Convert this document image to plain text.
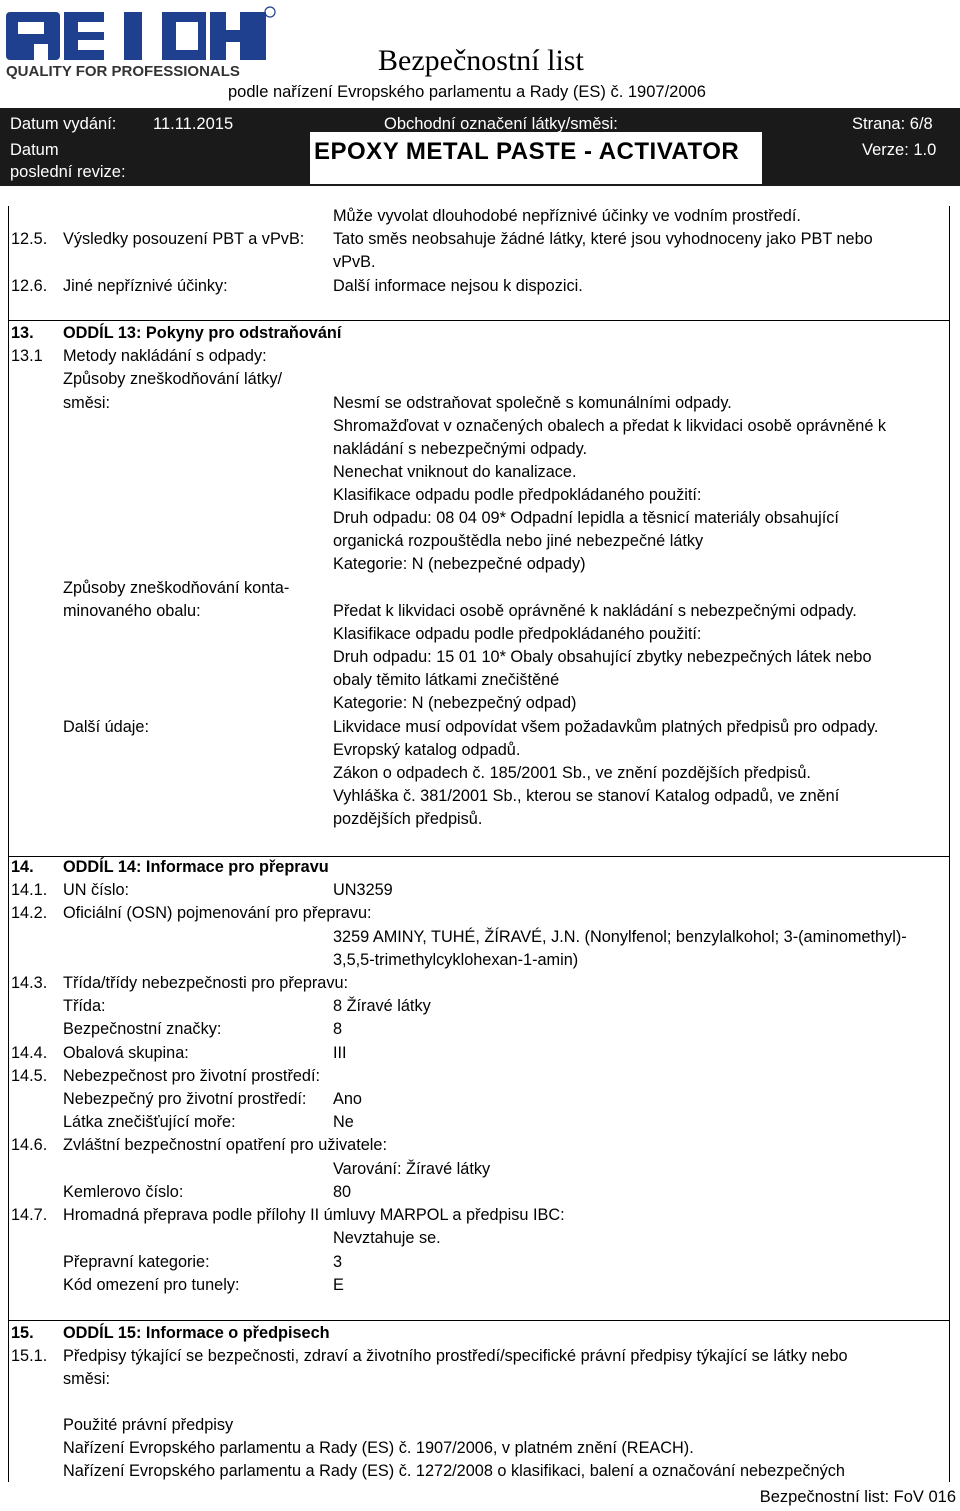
QUALITY FOR PROFESSIONALS	Bezpečnostní list
podle nařízení Evropského parlamentu a Rady (ES) č. 1907/2006
Datum vydání: 11.11.2015	Obchodní označení látky/směsi:	Strana: 6/8
Datum
poslední revize:
EPOXY METAL PASTE - ACTIVATOR	Verze: 1.0
Může vyvolat dlouhodobé nepříznivé účinky ve vodním prostředí.
12.5. Výsledky posouzení PBT a vPvB: Tato směs neobsahuje žádné látky, které jsou vyhodnoceny jako PBT nebo
vPvB.
12.6. Jiné nepříznivé účinky:	Další informace nejsou k dispozici.
13. ODDÍL 13: Pokyny pro odstraňování
13.1 Metody nakládání s odpady:
Způsoby zneškodňování látky/
směsi:	Nesmí se odstraňovat společně s komunálními odpady.
Shromažďovat v označených obalech a předat k likvidaci osobě oprávněné k
nakládání s nebezpečnými odpady.
Nenechat vniknout do kanalizace.
Klasifikace odpadu podle předpokládaného použití:
Druh odpadu: 08 04 09* Odpadní lepidla a těsnicí materiály obsahující
organická rozpouštědla nebo jiné nebezpečné látky
Kategorie: N (nebezpečné odpady)
Způsoby zneškodňování konta-
minovaného obalu:	Předat k likvidaci osobě oprávněné k nakládání s nebezpečnými odpady.
Klasifikace odpadu podle předpokládaného použití:
Druh odpadu: 15 01 10* Obaly obsahující zbytky nebezpečných látek nebo
obaly těmito látkami znečištěné
Kategorie: N (nebezpečný odpad)
Další údaje:	Likvidace musí odpovídat všem požadavkům platných předpisů pro odpady.
Evropský katalog odpadů.
Zákon o odpadech č. 185/2001 Sb., ve znění pozdějších předpisů.
Vyhláška č. 381/2001 Sb., kterou se stanoví Katalog odpadů, ve znění
pozdějších předpisů.
14. ODDÍL 14: Informace pro přepravu
14.1. UN číslo:	UN3259
14.2. Oficiální (OSN) pojmenování pro přepravu:
3259 AMINY, TUHÉ, ŽÍRAVÉ, J.N. (Nonylfenol; benzylalkohol; 3-(aminomethyl)-
3,5,5-trimethylcyklohexan-1-amin)
14.3. Třída/třídy nebezpečnosti pro přepravu:
Třída:	8 Žíravé látky
Bezpečnostní značky:	8
14.4. Obalová skupina:	III
14.5. Nebezpečnost pro životní prostředí:
Nebezpečný pro životní prostředí: Ano
Látka znečišťující moře:	Ne
14.6. Zvláštní bezpečnostní opatření pro uživatele:
Varování: Žíravé látky
Kemlerovo číslo:	80
14.7. Hromadná přeprava podle přílohy II úmluvy MARPOL a předpisu IBC:
Nevztahuje se.
Přepravní kategorie:	3
Kód omezení pro tunely:	E
15. ODDÍL 15: Informace o předpisech
15.1. Předpisy týkající se bezpečnosti, zdraví a životního prostředí/specifické právní předpisy týkající se látky nebo
směsi:
Použité právní předpisy
Nařízení Evropského parlamentu a Rady (ES) č. 1907/2006, v platném znění (REACH).
Nařízení Evropského parlamentu a Rady (ES) č. 1272/2008 o klasifikaci, balení a označování nebezpečných
Bezpečnostní list: FoV 016
